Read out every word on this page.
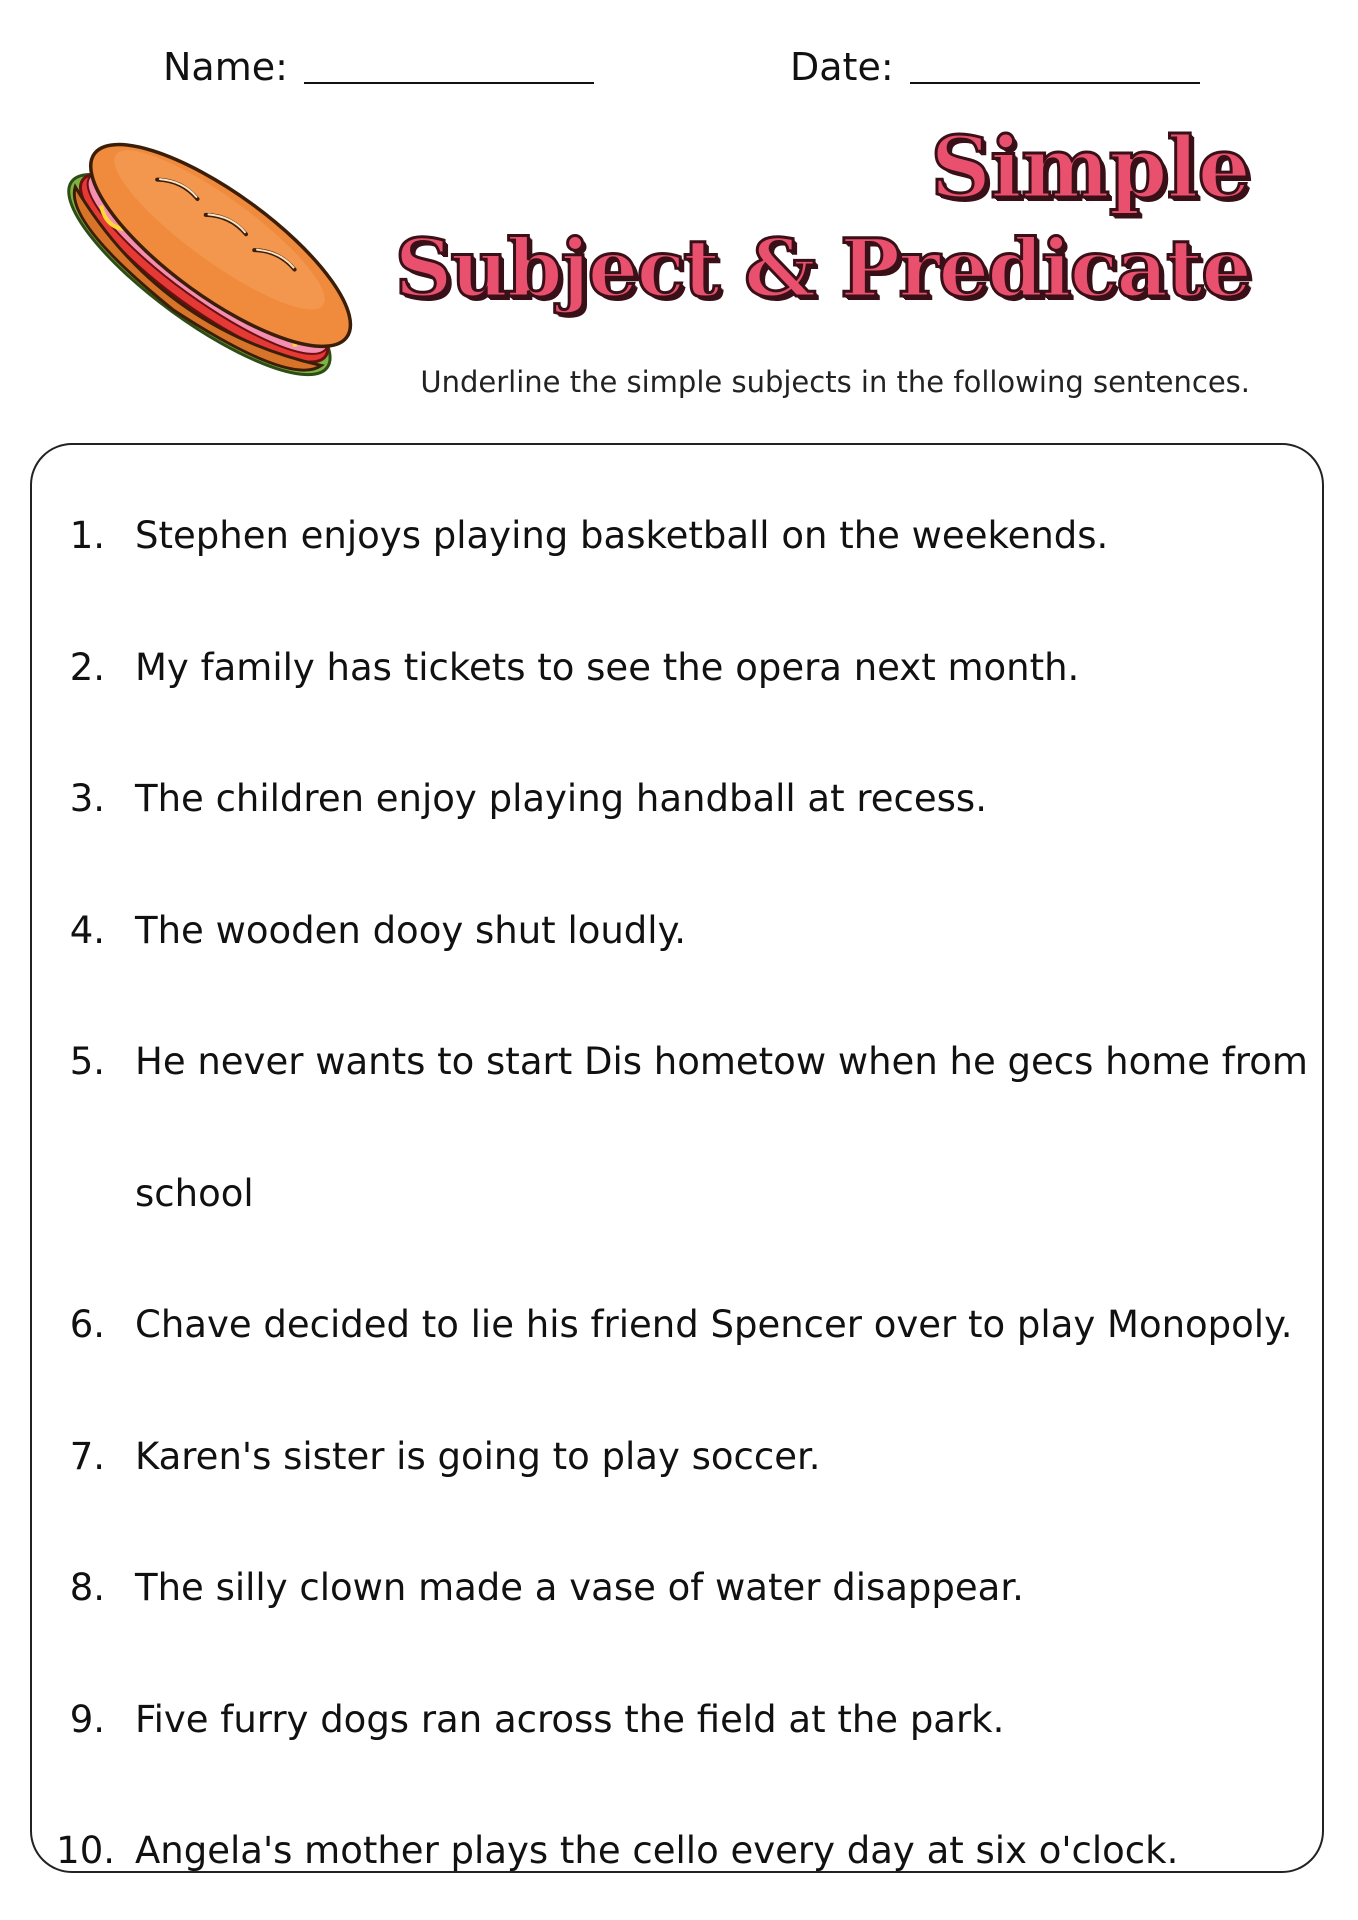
Name:	Date:
Simple
Subject & Predicate

Underline the simple subjects in the following sentences.

1. Stephen enjoys playing basketball on the weekends.
2. My family has tickets to see the opera next month.
3. The children enjoy playing handball at recess.
4. The wooden dooy shut loudly.
5. He never wants to start Dis hometow when he gecs home from
school
6. Chave decided to lie his friend Spencer over to play Monopoly.
7. Karen's sister is going to play soccer.
8. The silly clown made a vase of water disappear.
9. Five furry dogs ran across the field at the park.
10. Angela's mother plays the cello every day at six o'clock.
